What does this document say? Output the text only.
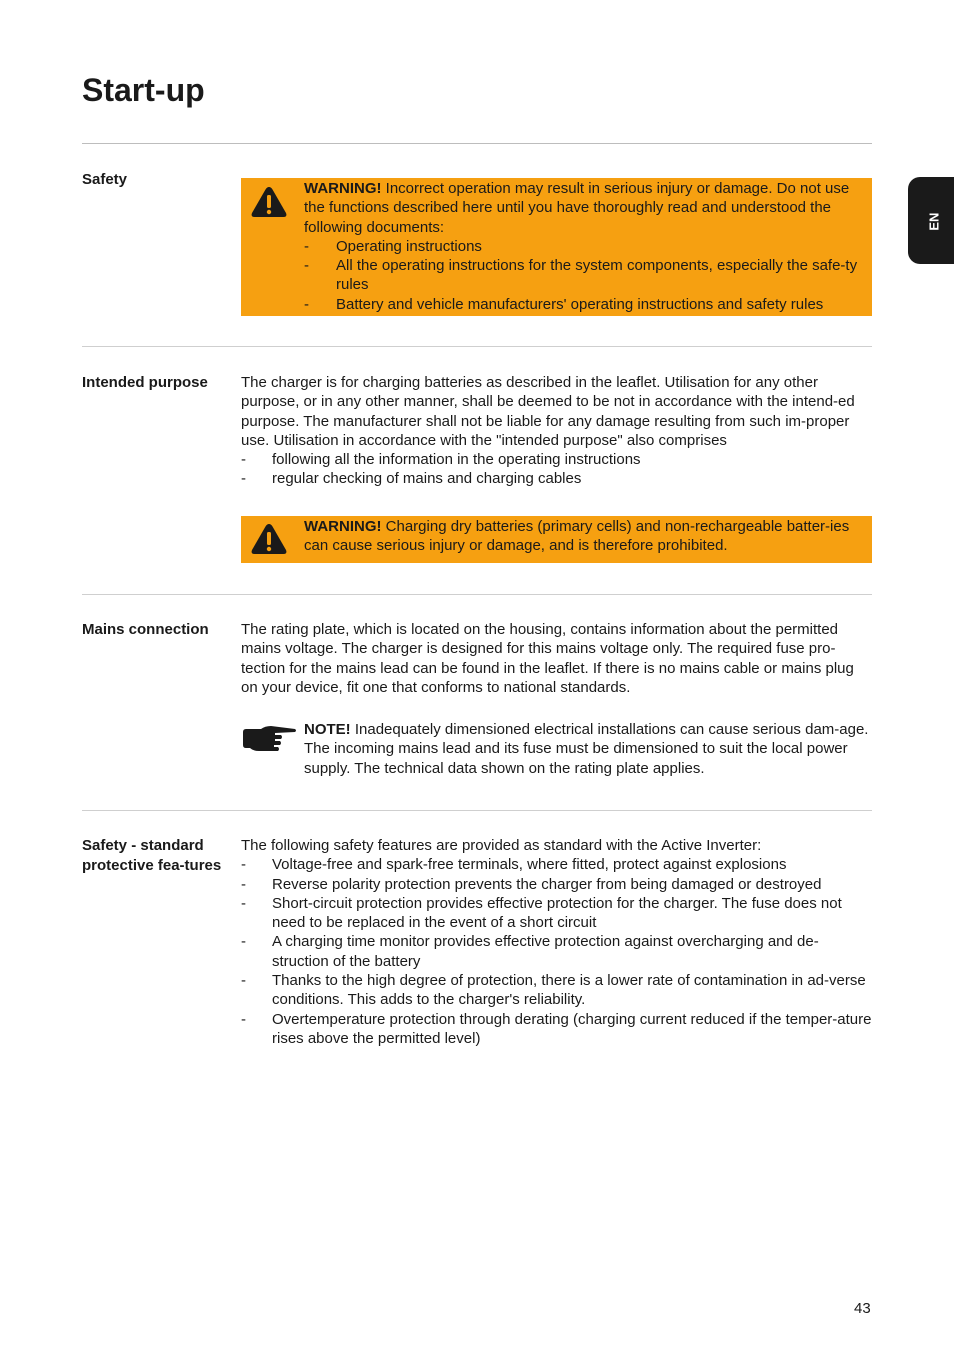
Start-up
EN
Safety

WARNING! Incorrect operation may result in serious injury or damage. Do not use the functions described here until you have thoroughly read and understood the following documents:

- Operating instructions
- All the operating instructions for the system components, especially the safe-ty rules
- Battery and vehicle manufacturers' operating instructions and safety rules
Intended purpose	The charger is for charging batteries as described in the leaflet. Utilisation for any other purpose, or in any other manner, shall be deemed to be not in accordance with the intend-ed purpose. The manufacturer shall not be liable for any damage resulting from such im-proper use. Utilisation in accordance with the "intended purpose" also comprises

- following all the information in the operating instructions
- regular checking of mains and charging cables

WARNING! Charging dry batteries (primary cells) and non-rechargeable batter-ies can cause serious injury or damage, and is therefore prohibited.

Mains connection	The rating plate, which is located on the housing, contains information about the permitted mains voltage. The charger is designed for this mains voltage only. The required fuse pro-tection for the mains lead can be found in the leaflet. If there is no mains cable or mains plug on your device, fit one that conforms to national standards.

NOTE! Inadequately dimensioned electrical installations can cause serious dam-age. The incoming mains lead and its fuse must be dimensioned to suit the local power supply. The technical data shown on the rating plate applies.

Safety - standard protective fea-tures

The following safety features are provided as standard with the Active Inverter:

- Voltage-free and spark-free terminals, where fitted, protect against explosions
- Reverse polarity protection prevents the charger from being damaged or destroyed
- Short-circuit protection provides effective protection for the charger. The fuse does not need to be replaced in the event of a short circuit
- A charging time monitor provides effective protection against overcharging and de-struction of the battery
- Thanks to the high degree of protection, there is a lower rate of contamination in ad-verse conditions. This adds to the charger's reliability.
- Overtemperature protection through derating (charging current reduced if the temper-ature rises above the permitted level)
43
